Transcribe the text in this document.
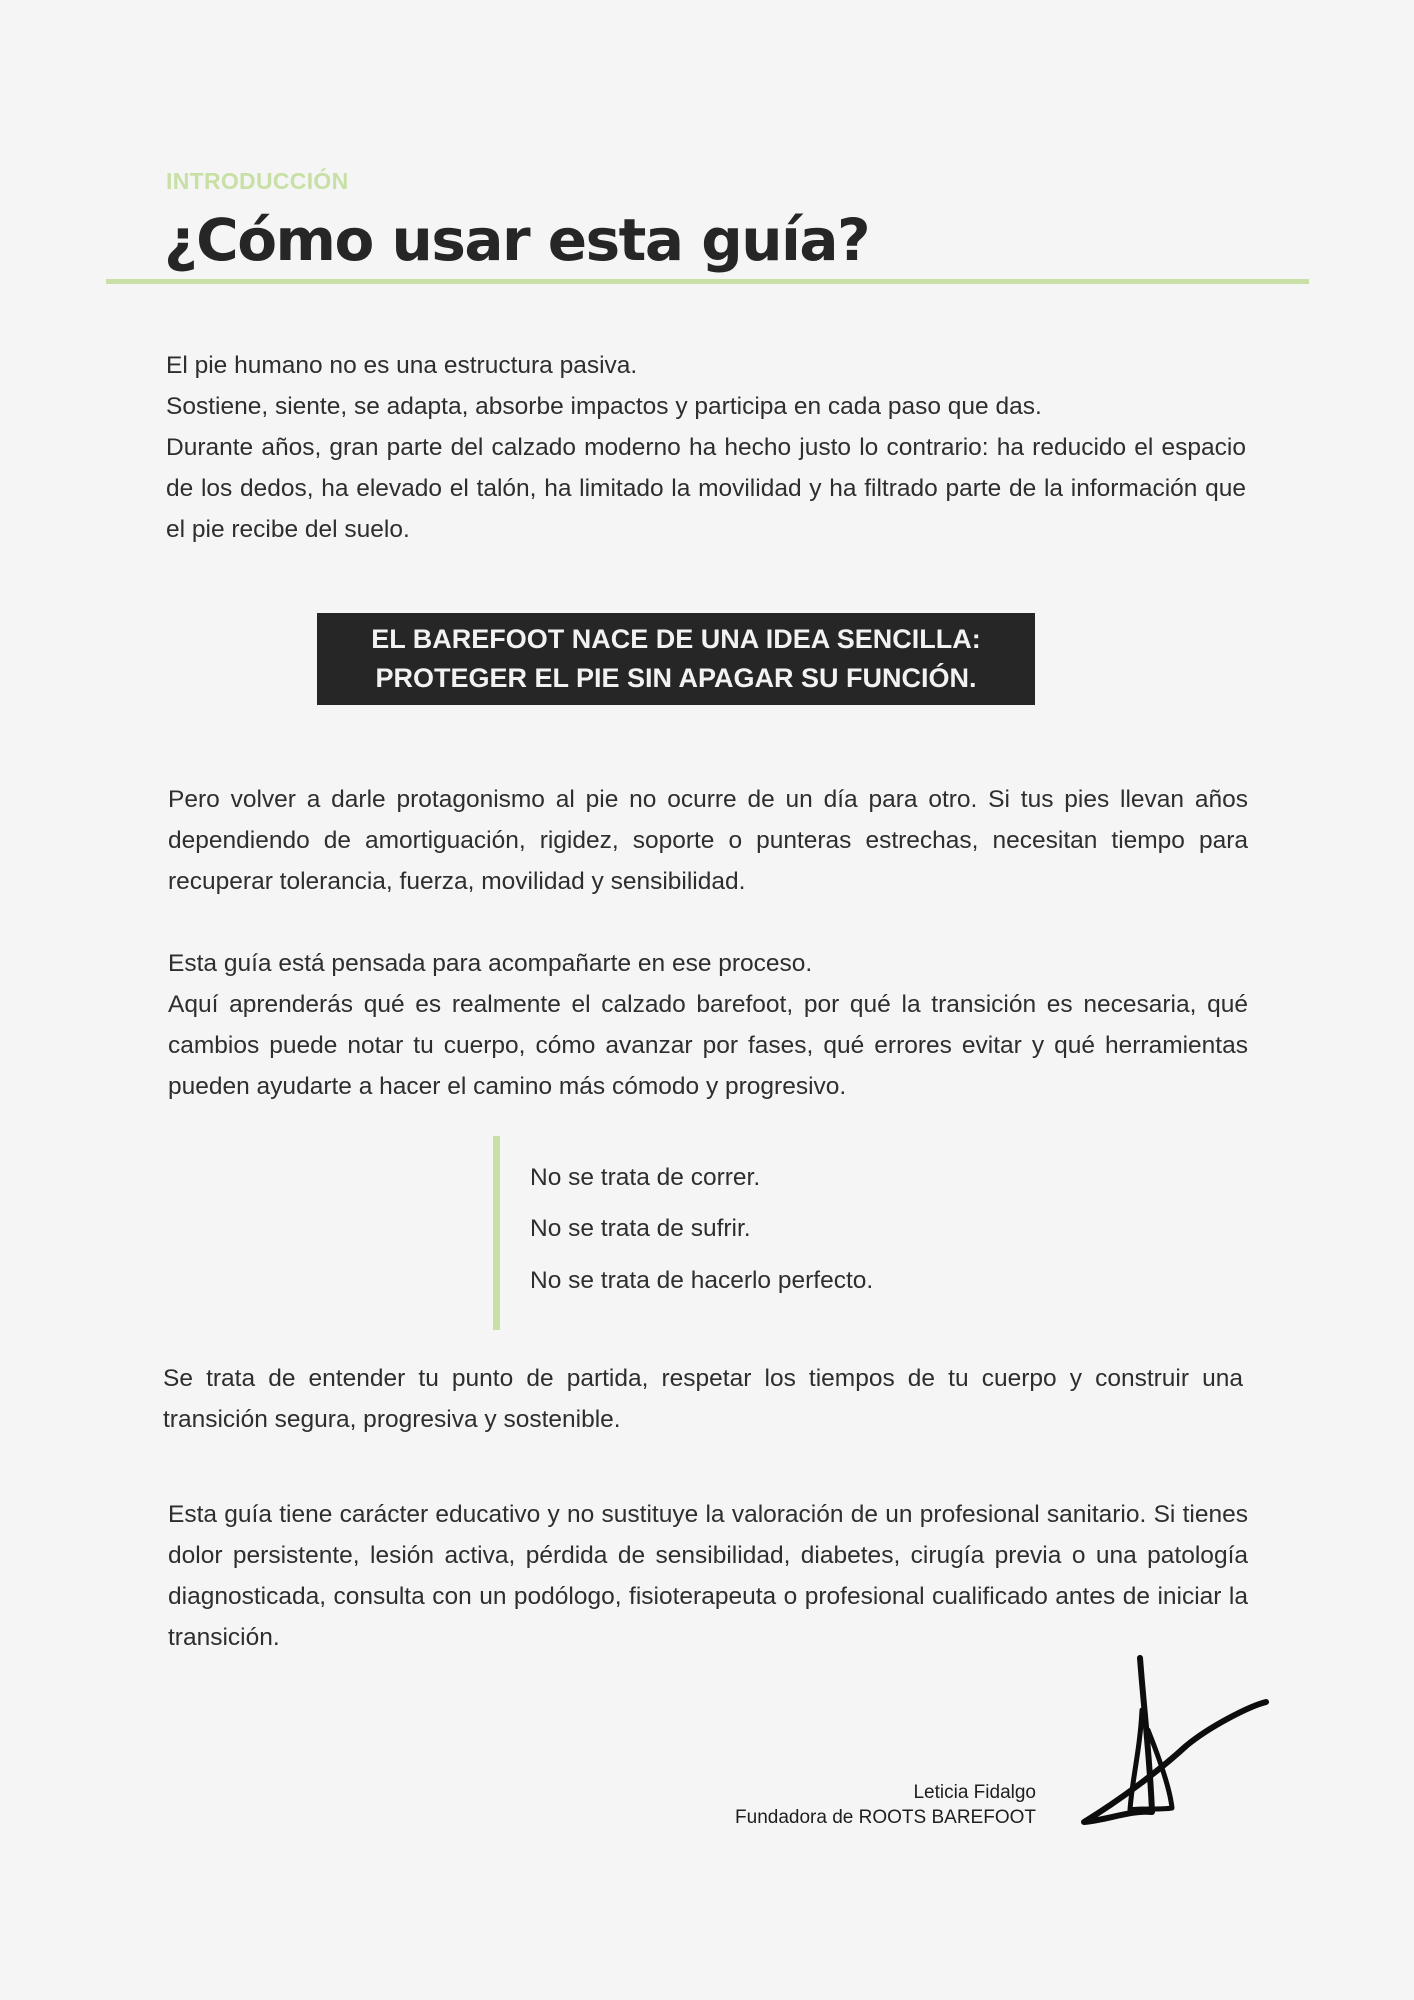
INTRODUCCIÓN
¿Cómo usar esta guía?

El pie humano no es una estructura pasiva.
Sostiene, siente, se adapta, absorbe impactos y participa en cada paso que das.
Durante años, gran parte del calzado moderno ha hecho justo lo contrario: ha reducido el espacio de los dedos, ha elevado el talón, ha limitado la movilidad y ha filtrado parte de la información que el pie recibe del suelo.

EL BAREFOOT NACE DE UNA IDEA SENCILLA:
PROTEGER EL PIE SIN APAGAR SU FUNCIÓN.

Pero volver a darle protagonismo al pie no ocurre de un día para otro. Si tus pies llevan años dependiendo de amortiguación, rigidez, soporte o punteras estrechas, necesitan tiempo para recuperar tolerancia, fuerza, movilidad y sensibilidad.

Esta guía está pensada para acompañarte en ese proceso.
Aquí aprenderás qué es realmente el calzado barefoot, por qué la transición es necesaria, qué cambios puede notar tu cuerpo, cómo avanzar por fases, qué errores evitar y qué herramientas pueden ayudarte a hacer el camino más cómodo y progresivo.

No se trata de correr.
No se trata de sufrir.
No se trata de hacerlo perfecto.

Se trata de entender tu punto de partida, respetar los tiempos de tu cuerpo y construir una transición segura, progresiva y sostenible.

Esta guía tiene carácter educativo y no sustituye la valoración de un profesional sanitario. Si tienes dolor persistente, lesión activa, pérdida de sensibilidad, diabetes, cirugía previa o una patología diagnosticada, consulta con un podólogo, fisioterapeuta o profesional cualificado antes de iniciar la transición.

Leticia Fidalgo
Fundadora de ROOTS BAREFOOT
